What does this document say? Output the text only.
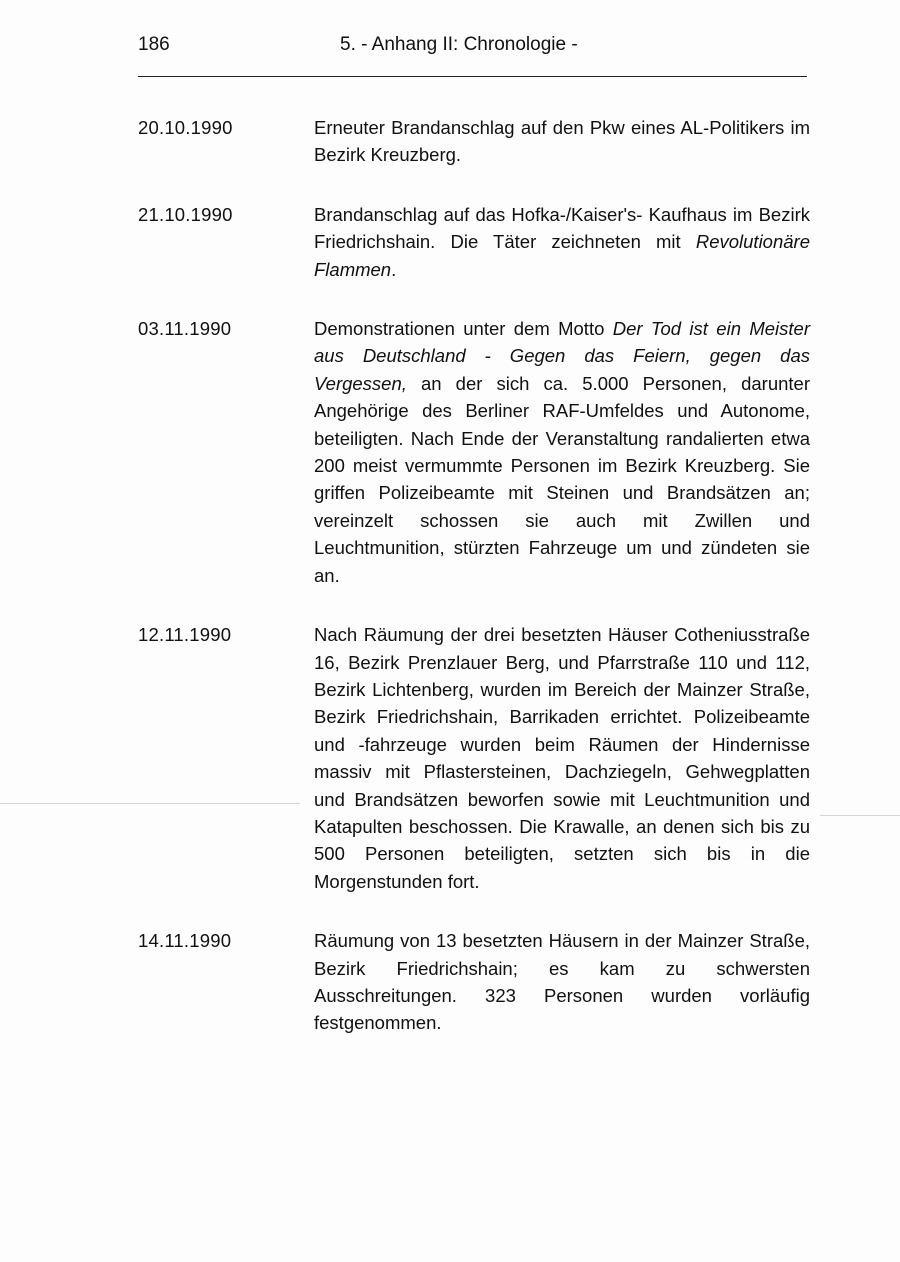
186	5. - Anhang II: Chronologie -
20.10.1990	Erneuter Brandanschlag auf den Pkw eines AL-Politikers im Bezirk Kreuzberg.
21.10.1990	Brandanschlag auf das Hofka-/Kaiser's- Kaufhaus im Bezirk Friedrichshain. Die Täter zeichneten mit Revolutionäre Flammen.
03.11.1990	Demonstrationen unter dem Motto Der Tod ist ein Meister aus Deutschland - Gegen das Feiern, gegen das Vergessen, an der sich ca. 5.000 Personen, darunter Angehörige des Berliner RAF-Umfeldes und Autonome, beteiligten. Nach Ende der Veranstaltung randalierten etwa 200 meist vermummte Personen im Bezirk Kreuzberg. Sie griffen Polizeibeamte mit Steinen und Brandsätzen an; vereinzelt schossen sie auch mit Zwillen und Leuchtmunition, stürzten Fahrzeuge um und zündeten sie an.
12.11.1990	Nach Räumung der drei besetzten Häuser Cotheniusstraße 16, Bezirk Prenzlauer Berg, und Pfarrstraße 110 und 112, Bezirk Lichtenberg, wurden im Bereich der Mainzer Straße, Bezirk Friedrichshain, Barrikaden errichtet. Polizeibeamte und -fahrzeuge wurden beim Räumen der Hindernisse massiv mit Pflastersteinen, Dachziegeln, Gehwegplatten und Brandsätzen beworfen sowie mit Leuchtmunition und Katapulten beschossen. Die Krawalle, an denen sich bis zu 500 Personen beteiligten, setzten sich bis in die Morgenstunden fort.
14.11.1990	Räumung von 13 besetzten Häusern in der Mainzer Straße, Bezirk Friedrichshain; es kam zu schwersten Ausschreitungen. 323 Personen wurden vorläufig festgenommen.
